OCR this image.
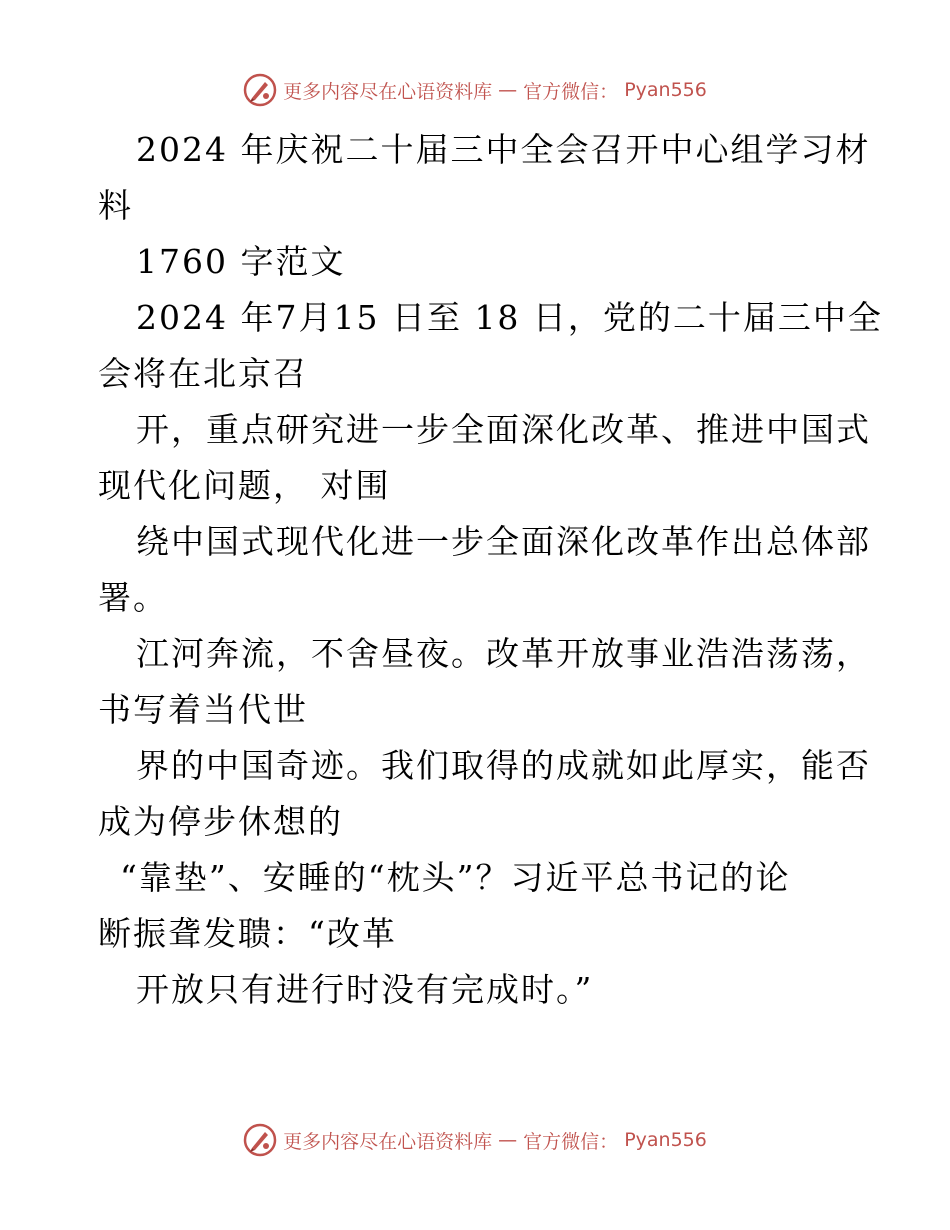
更多内容尽在心语资料库 — 官方微信： Pyan556
2024 年庆祝二十届三中全会召开中心组学习材
料
1760 字范文
2024 年7月15 日至 18 日，党的二十届三中全
会将在北京召
开，重点研究进一步全面深化改革、推进中国式
现代化问题， 对围
绕中国式现代化进一步全面深化改革作出总体部
署。
江河奔流，不舍昼夜。改革开放事业浩浩荡荡，
书写着当代世
界的中国奇迹。我们取得的成就如此厚实，能否
成为停步休想的
“靠垫”、安睡的“枕头”？习近平总书记的论
断振聋发聩：“改革
开放只有进行时没有完成时。”
更多内容尽在心语资料库 — 官方微信： Pyan556
